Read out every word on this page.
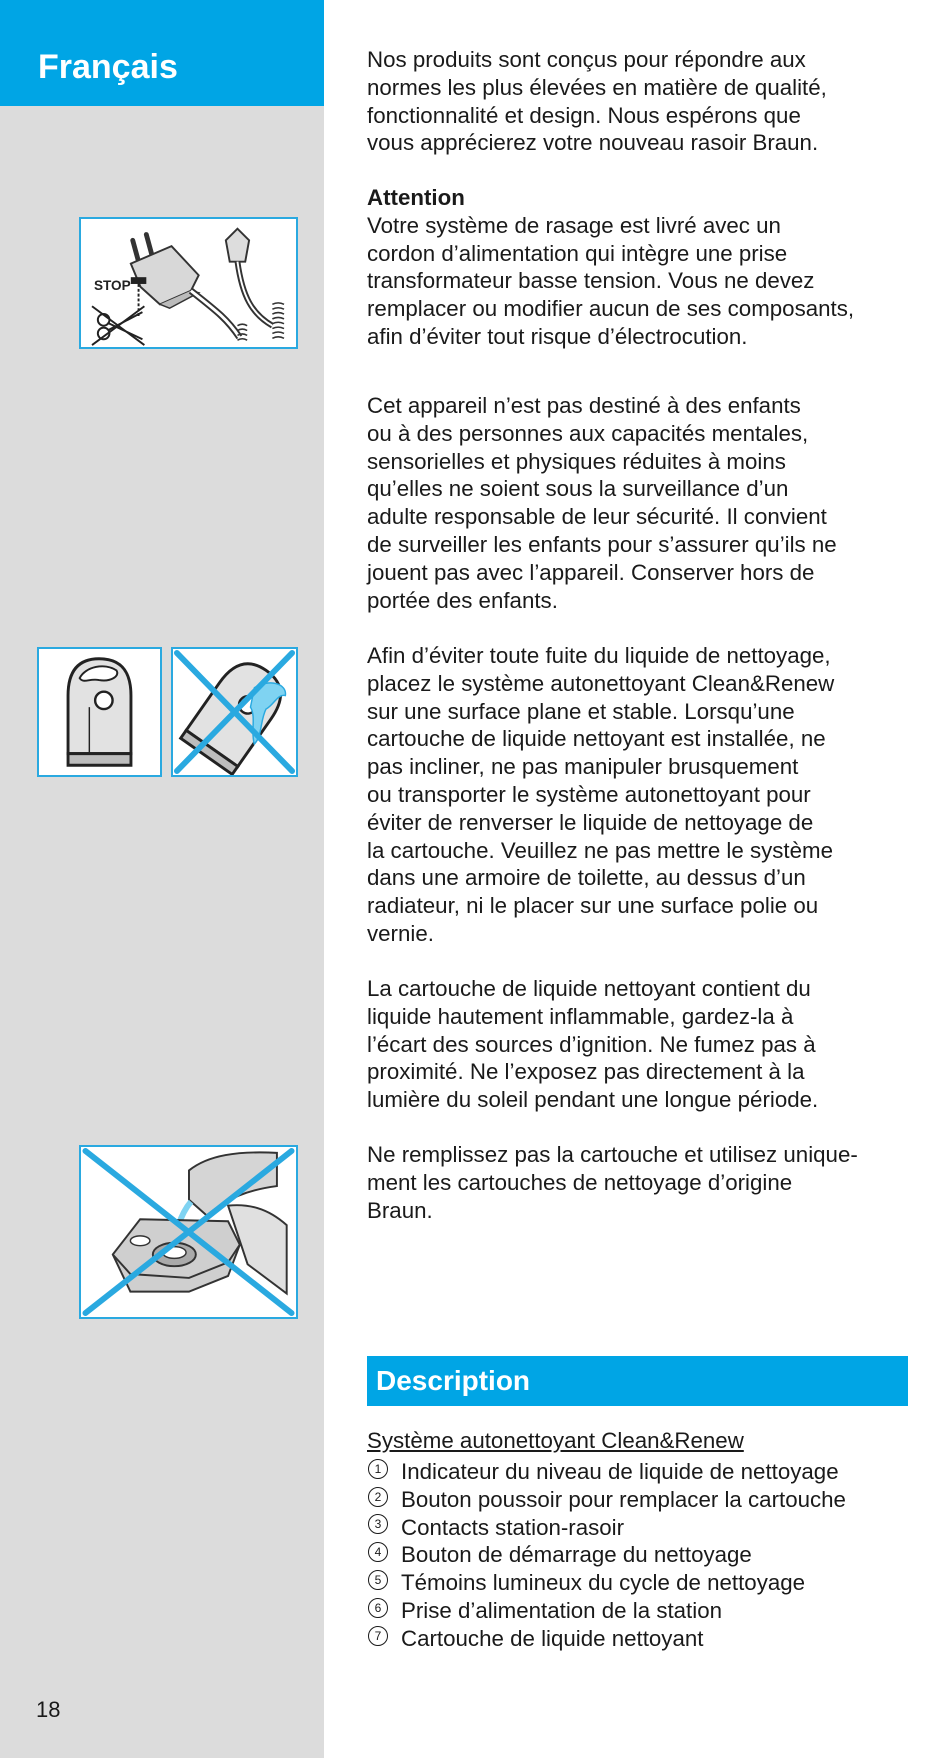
Français
18
STOP

Nos produits sont conçus pour répondre aux
normes les plus élevées en matière de qualité,
fonctionnalité et design. Nous espérons que
vous apprécierez votre nouveau rasoir Braun.

Attention
Votre système de rasage est livré avec un
cordon d’alimentation qui intègre une prise
transformateur basse tension. Vous ne devez
remplacer ou modifier aucun de ses composants,
afin d’éviter tout risque d’électrocution.

Cet appareil n’est pas destiné à des enfants
ou à des personnes aux capacités mentales,
sensorielles et physiques réduites à moins
qu’elles ne soient sous la surveillance d’un
adulte responsable de leur sécurité. Il convient
de surveiller les enfants pour s’assurer qu’ils ne
jouent pas avec l’appareil. Conserver hors de
portée des enfants.

Afin d’éviter toute fuite du liquide de nettoyage,
placez le système autonettoyant Clean&Renew
sur une surface plane et stable. Lorsqu’une
cartouche de liquide nettoyant est installée, ne
pas incliner, ne pas manipuler brusquement
ou transporter le système autonettoyant pour
éviter de renverser le liquide de nettoyage de
la cartouche. Veuillez ne pas mettre le système
dans une armoire de toilette, au dessus d’un
radiateur, ni le placer sur une surface polie ou
vernie.

La cartouche de liquide nettoyant contient du
liquide hautement inflammable, gardez-la à
l’écart des sources d’ignition. Ne fumez pas à
proximité. Ne l’exposez pas directement à la
lumière du soleil pendant une longue période.

Ne remplissez pas la cartouche et utilisez unique-
ment les cartouches de nettoyage d’origine
Braun.

Description
Système autonettoyant Clean&Renew
1 Indicateur du niveau de liquide de nettoyage
2 Bouton poussoir pour remplacer la cartouche
3 Contacts station-rasoir
4 Bouton de démarrage du nettoyage
5 Témoins lumineux du cycle de nettoyage
6 Prise d’alimentation de la station
7 Cartouche de liquide nettoyant
